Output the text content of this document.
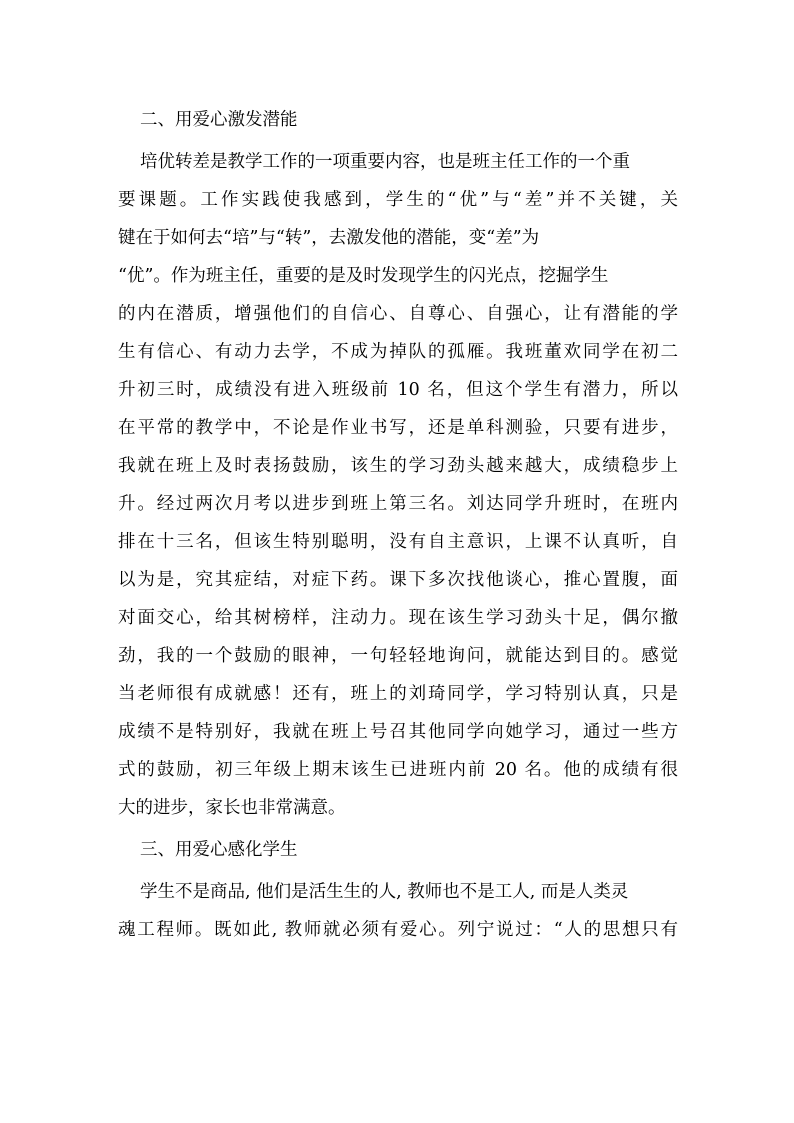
二、用爱心激发潜能
培优转差是教学工作的一项重要内容，也是班主任工作的一个重
要课题。工作实践使我感到，学生的“优”与“差”并不关键，关
键在于如何去“培”与“转”，去激发他的潜能，变“差”为
“优”。作为班主任，重要的是及时发现学生的闪光点，挖掘学生
的内在潜质，增强他们的自信心、自尊心、自强心，让有潜能的学
生有信心、有动力去学，不成为掉队的孤雁。我班董欢同学在初二
升初三时，成绩没有进入班级前 10 名，但这个学生有潜力，所以
在平常的教学中，不论是作业书写，还是单科测验，只要有进步，
我就在班上及时表扬鼓励，该生的学习劲头越来越大，成绩稳步上
升。经过两次月考以进步到班上第三名。刘达同学升班时，在班内
排在十三名，但该生特别聪明，没有自主意识，上课不认真听，自
以为是，究其症结，对症下药。课下多次找他谈心，推心置腹，面
对面交心，给其树榜样，注动力。现在该生学习劲头十足，偶尔撤
劲，我的一个鼓励的眼神，一句轻轻地询问，就能达到目的。感觉
当老师很有成就感！还有，班上的刘琦同学，学习特别认真，只是
成绩不是特别好，我就在班上号召其他同学向她学习，通过一些方
式的鼓励，初三年级上期末该生已进班内前 20 名。他的成绩有很
大的进步，家长也非常满意。
三、用爱心感化学生
学生不是商品, 他们是活生生的人, 教师也不是工人, 而是人类灵
魂工程师。既如此, 教师就必须有爱心。列宁说过：“人的思想只有
